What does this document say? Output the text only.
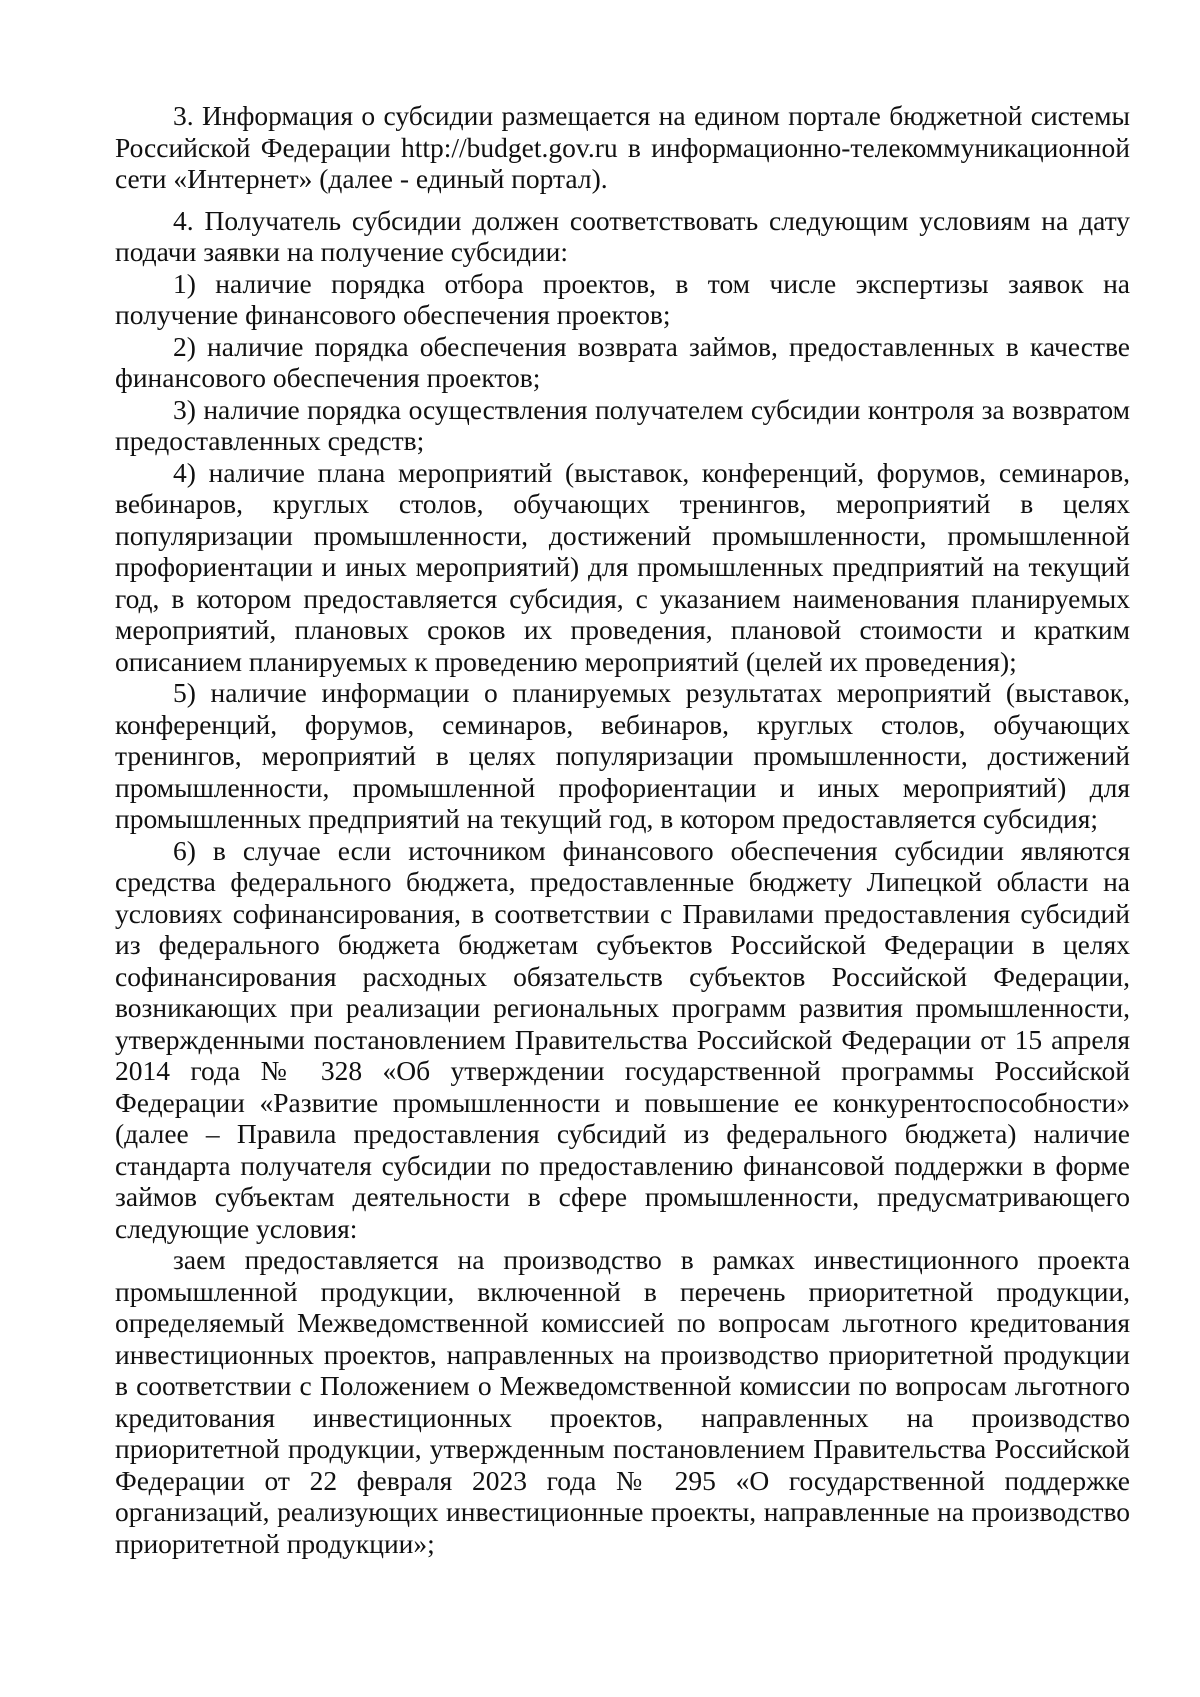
3. Информация о субсидии размещается на едином портале бюджетной системы Российской Федерации http://budget.gov.ru в информационно-телекоммуникационной сети «Интернет» (далее - единый портал).

4. Получатель субсидии должен соответствовать следующим условиям на дату подачи заявки на получение субсидии:

1) наличие порядка отбора проектов, в том числе экспертизы заявок на получение финансового обеспечения проектов;

2) наличие порядка обеспечения возврата займов, предоставленных в качестве финансового обеспечения проектов;

3) наличие порядка осуществления получателем субсидии контроля за возвратом предоставленных средств;

4) наличие плана мероприятий (выставок, конференций, форумов, семинаров, вебинаров, круглых столов, обучающих тренингов, мероприятий в целях популяризации промышленности, достижений промышленности, промышленной профориентации и иных мероприятий) для промышленных предприятий на текущий год, в котором предоставляется субсидия, с указанием наименования планируемых мероприятий, плановых сроков их проведения, плановой стоимости и кратким описанием планируемых к проведению мероприятий (целей их проведения);

5) наличие информации о планируемых результатах мероприятий (выставок, конференций, форумов, семинаров, вебинаров, круглых столов, обучающих тренингов, мероприятий в целях популяризации промышленности, достижений промышленности, промышленной профориентации и иных мероприятий) для промышленных предприятий на текущий год, в котором предоставляется субсидия;

6) в случае если источником финансового обеспечения субсидии являются средства федерального бюджета, предоставленные бюджету Липецкой области на условиях софинансирования, в соответствии с Правилами предоставления субсидий из федерального бюджета бюджетам субъектов Российской Федерации в целях софинансирования расходных обязательств субъектов Российской Федерации, возникающих при реализации региональных программ развития промышленности, утвержденными постановлением Правительства Российской Федерации от 15 апреля 2014 года № 328 «Об утверждении государственной программы Российской Федерации «Развитие промышленности и повышение ее конкурентоспособности» (далее – Правила предоставления субсидий из федерального бюджета) наличие стандарта получателя субсидии по предоставлению финансовой поддержки в форме займов субъектам деятельности в сфере промышленности, предусматривающего следующие условия:

заем предоставляется на производство в рамках инвестиционного проекта промышленной продукции, включенной в перечень приоритетной продукции, определяемый Межведомственной комиссией по вопросам льготного кредитования инвестиционных проектов, направленных на производство приоритетной продукции в соответствии с Положением о Межведомственной комиссии по вопросам льготного кредитования инвестиционных проектов, направленных на производство приоритетной продукции, утвержденным постановлением Правительства Российской Федерации от 22 февраля 2023 года № 295 «О государственной поддержке организаций, реализующих инвестиционные проекты, направленные на производство приоритетной продукции»;
